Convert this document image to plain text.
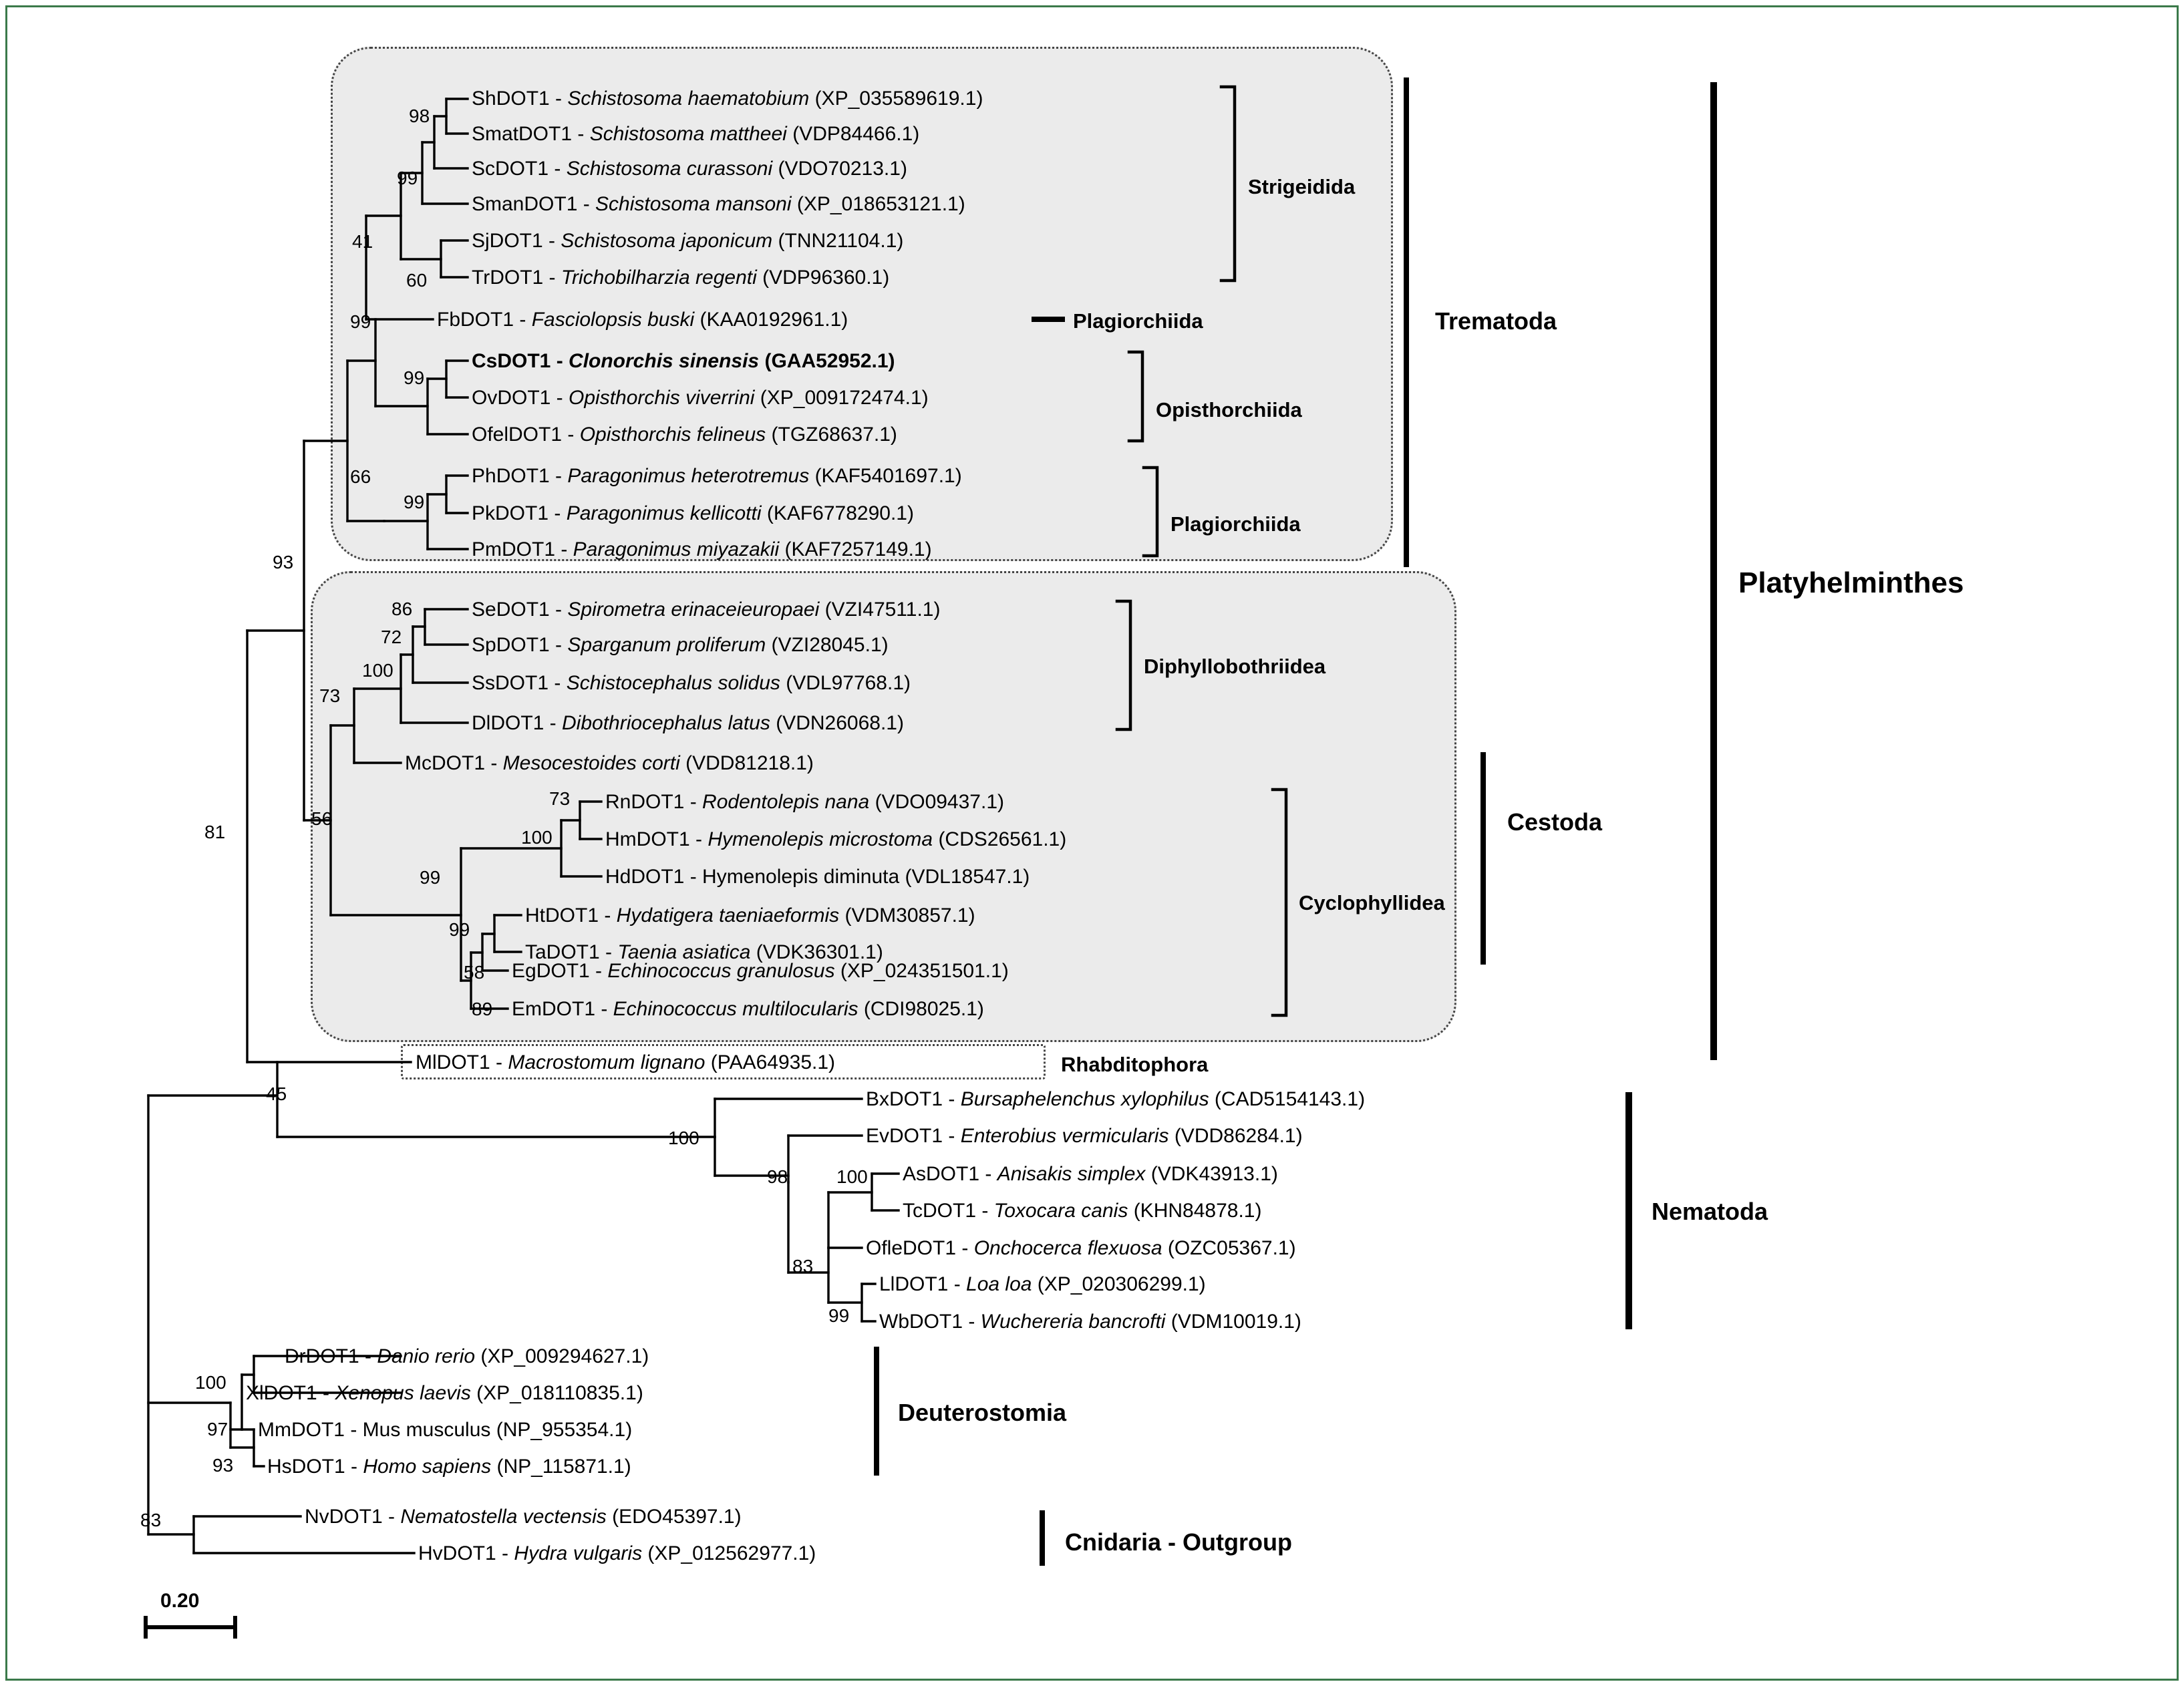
ShDOT1 - Schistosoma haematobium (XP_035589619.1)
SmatDOT1 - Schistosoma mattheei (VDP84466.1)
ScDOT1 - Schistosoma curassoni (VDO70213.1)
SmanDOT1 - Schistosoma mansoni (XP_018653121.1)
SjDOT1 - Schistosoma japonicum (TNN21104.1)
TrDOT1 - Trichobilharzia regenti (VDP96360.1)
FbDOT1 - Fasciolopsis buski (KAA0192961.1)
CsDOT1 - Clonorchis sinensis (GAA52952.1)
OvDOT1 - Opisthorchis viverrini (XP_009172474.1)
OfelDOT1 - Opisthorchis felineus (TGZ68637.1)
PhDOT1 - Paragonimus heterotremus (KAF5401697.1)
PkDOT1 - Paragonimus kellicotti (KAF6778290.1)
PmDOT1 - Paragonimus miyazakii (KAF7257149.1)
SeDOT1 - Spirometra erinaceieuropaei (VZI47511.1)
SpDOT1 - Sparganum proliferum (VZI28045.1)
SsDOT1 - Schistocephalus solidus (VDL97768.1)
DlDOT1 - Dibothriocephalus latus (VDN26068.1)
McDOT1 - Mesocestoides corti (VDD81218.1)
RnDOT1 - Rodentolepis nana (VDO09437.1)
HmDOT1 - Hymenolepis microstoma (CDS26561.1)
HdDOT1 - Hymenolepis diminuta (VDL18547.1)
HtDOT1 - Hydatigera taeniaeformis (VDM30857.1)
TaDOT1 - Taenia asiatica (VDK36301.1)
EgDOT1 - Echinococcus granulosus (XP_024351501.1)
EmDOT1 - Echinococcus multilocularis (CDI98025.1)
MlDOT1 - Macrostomum lignano (PAA64935.1)
BxDOT1 - Bursaphelenchus xylophilus (CAD5154143.1)
EvDOT1 - Enterobius vermicularis (VDD86284.1)
AsDOT1 - Anisakis simplex (VDK43913.1)
TcDOT1 - Toxocara canis (KHN84878.1)
OfleDOT1 - Onchocerca flexuosa (OZC05367.1)
LlDOT1 - Loa loa (XP_020306299.1)
WbDOT1 - Wuchereria bancrofti (VDM10019.1)
DrDOT1 - Danio rerio (XP_009294627.1)
XlDOT1 - Xenopus laevis (XP_018110835.1)
MmDOT1 - Mus musculus (NP_955354.1)
HsDOT1 - Homo sapiens (NP_115871.1)
NvDOT1 - Nematostella vectensis (EDO45397.1)
HvDOT1 - Hydra vulgaris (XP_012562977.1)
98
99
41
60
99
99
66
99
93
86
72
100
73
56
73
100
99
99
58
89
81
45
100
98	100
83
99
100
97
93
83
Strigeidida
Plagiorchiida
Opisthorchiida
Plagiorchiida
Diphyllobothriidea
Cyclophyllidea
Trematoda
Cestoda
Platyhelminthes
Rhabditophora
Nematoda
Deuterostomia
Cnidaria - Outgroup
0.20
